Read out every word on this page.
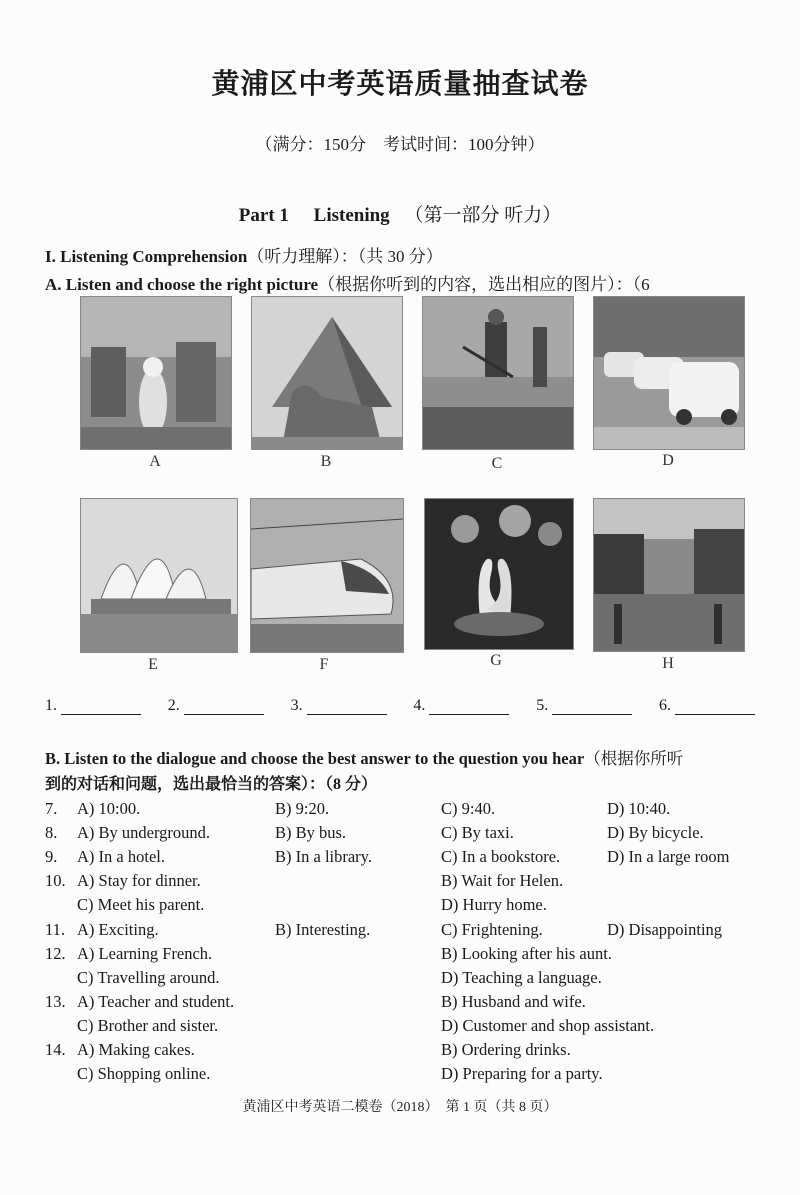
黄浦区中考英语质量抽查试卷
（满分：150分　考试时间：100分钟）
Part 1 Listening （第一部分 听力）
I. Listening Comprehension（听力理解）：（共 30 分）
A. Listen and choose the right picture（根据你听到的内容，选出相应的图片）：（6
A	B	C	D
E	F	G	H
1.	2.	3.	4.	5.	6.
B. Listen to the dialogue and choose the best answer to the question you hear（根据你所听
到的对话和问题，选出最恰当的答案）：（8 分）
7. A) 10:00.	B) 9:20.	C) 9:40.	D) 10:40.
8. A) By underground.	B) By bus.	C) By taxi.	D) By bicycle.
9. A) In a hotel.	B) In a library.	C) In a bookstore.	D) In a large room
10. A) Stay for dinner.	B) Wait for Helen.
C) Meet his parent.	D) Hurry home.
11. A) Exciting.	B) Interesting.	C) Frightening.	D) Disappointing
12. A) Learning French.	B) Looking after his aunt.
C) Travelling around.	D) Teaching a language.
13. A) Teacher and student.	B) Husband and wife.
C) Brother and sister.	D) Customer and shop assistant.
14. A) Making cakes.	B) Ordering drinks.
C) Shopping online.	D) Preparing for a party.
黄浦区中考英语二模卷（2018）　第 1 页（共 8 页）
